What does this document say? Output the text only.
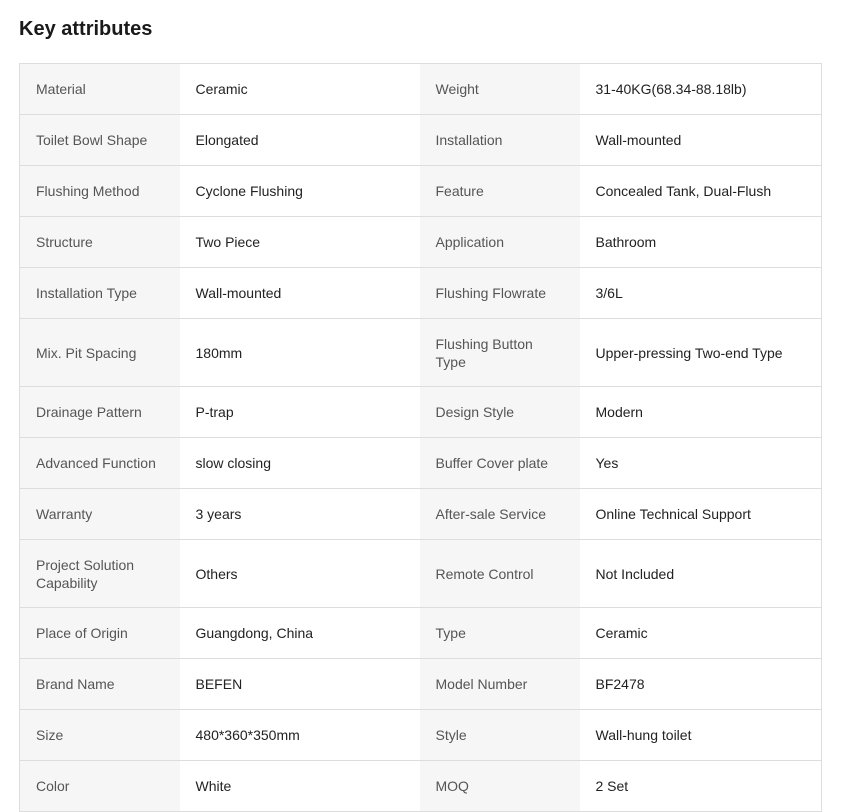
Key attributes
Material	Ceramic	Weight	31-40KG(68.34-88.18lb)
Toilet Bowl Shape	Elongated	Installation	Wall-mounted
Flushing Method	Cyclone Flushing	Feature	Concealed Tank, Dual-Flush
Structure	Two Piece	Application	Bathroom
Installation Type	Wall-mounted	Flushing Flowrate	3/6L
Mix. Pit Spacing	180mm	Flushing Button Type	Upper-pressing Two-end Type
Drainage Pattern	P-trap	Design Style	Modern
Advanced Function	slow closing	Buffer Cover plate	Yes
Warranty	3 years	After-sale Service	Online Technical Support
Project Solution Capability	Others	Remote Control	Not Included
Place of Origin	Guangdong, China	Type	Ceramic
Brand Name	BEFEN	Model Number	BF2478
Size	480*360*350mm	Style	Wall-hung toilet
Color	White	MOQ	2 Set
